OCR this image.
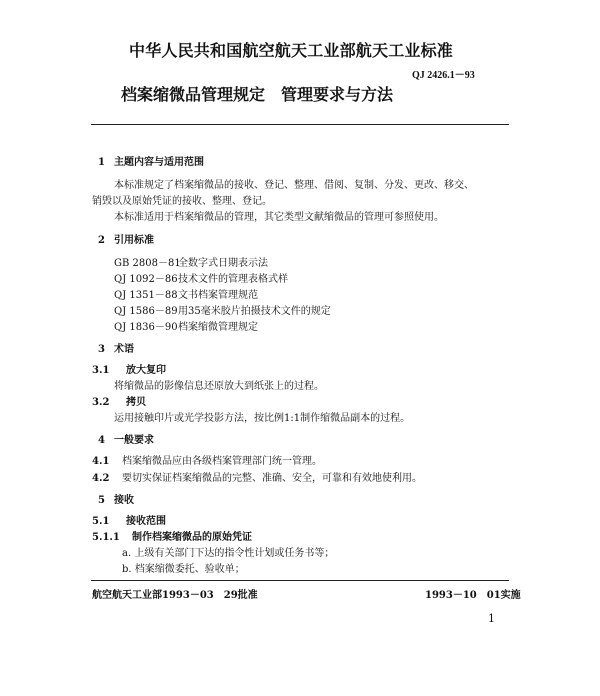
中华人民共和国航空航天工业部航天工业标准
QJ 2426.1－93
档案缩微品管理规定　管理要求与方法
1 主题内容与适用范围
本标准规定了档案缩微品的接收、登记、整理、借阅、复制、分发、更改、移交、
销毁以及原始凭证的接收、整理、登记。
本标准适用于档案缩微品的管理，其它类型文献缩微品的管理可参照使用。
2 引用标准
GB 2808－81全数字式日期表示法
QJ 1092－86技术文件的管理表格式样
QJ 1351－88文书档案管理规范
QJ 1586－89用35毫米胶片拍摄技术文件的规定
QJ 1836－90档案缩微管理规定
3 术语
3.1 放大复印
将缩微品的影像信息还原放大到纸张上的过程。
3.2 拷贝
运用接触印片或光学投影方法，按比例1:1制作缩微品副本的过程。
4 一般要求
4.1 档案缩微品应由各级档案管理部门统一管理。
4.2 要切实保证档案缩微品的完整、准确、安全，可靠和有效地使利用。
5 接收
5.1 接收范围
5.1.1 制作档案缩微品的原始凭证
a. 上级有关部门下达的指令性计划或任务书等；
b. 档案缩微委托、验收单；
航空航天工业部1993－03　29批准	1993－10　01实施
1
